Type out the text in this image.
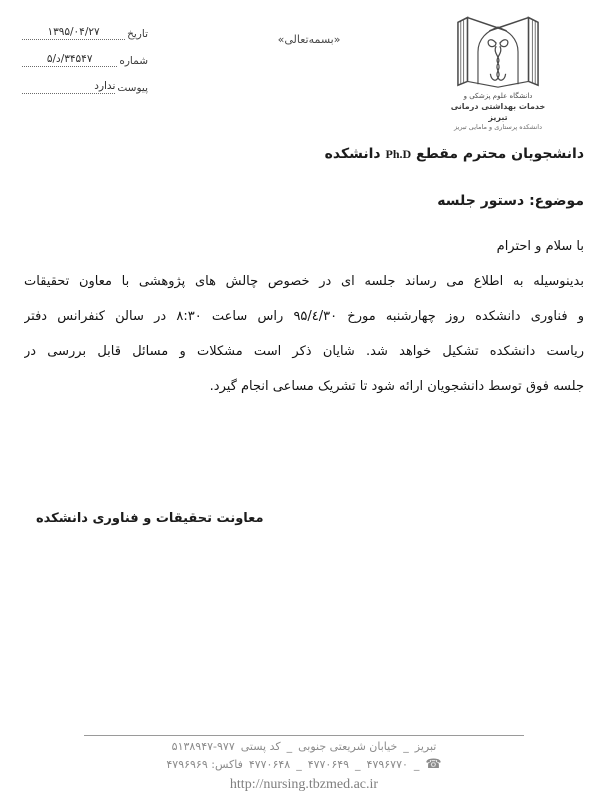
تاریخ
۱۳۹۵/۰۴/۲۷
شماره
۵/د/۳۴۵۴۷
پیوست
ندارد
«بسمه‌تعالی»
دانشگاه علوم پزشکی و
خدمات بهداشتی درمانی تبریز
دانشکده پرستاری و مامایی تبریز
دانشجویان محترم مقطع Ph.D دانشکده
موضوع: دستور جلسه
با سلام و احترام
بدینوسیله به اطلاع می رساند جلسه ای در خصوص چالش های پژوهشی با معاون تحقیقات
و فناوری دانشکده روز چهارشنبه مورخ ۹۵/٤/۳۰ راس ساعت ۸:۳۰ در سالن کنفرانس دفتر
ریاست دانشکده تشکیل خواهد شد. شایان ذکر است مشکلات و مسائل قابل بررسی در
جلسه فوق توسط دانشجویان ارائه شود تا تشریک مساعی انجام گیرد.
معاونت تحقیقات و فناوری دانشکده
تبریز
_
خیابان شریعتی جنوبی
_
کد پستی
۵۱۳۸۹۴۷-۹۷۷
☎
_
۴۷۹۶۷۷۰
_
۴۷۷۰۶۴۹
_
۴۷۷۰۶۴۸
فاکس: ۴۷۹۶۹۶۹
http://nursing.tbzmed.ac.ir
